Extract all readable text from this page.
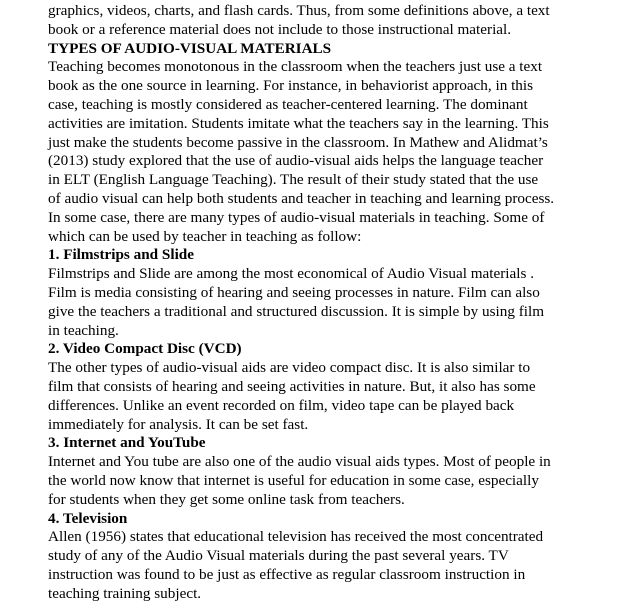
graphics, videos, charts, and flash cards. Thus, from some definitions above, a text
book or a reference material does not include to those instructional material.
TYPES OF AUDIO-VISUAL MATERIALS
Teaching becomes monotonous in the classroom when the teachers just use a text
book as the one source in learning. For instance, in behaviorist approach, in this
case, teaching is mostly considered as teacher-centered learning. The dominant
activities are imitation. Students imitate what the teachers say in the learning. This
just make the students become passive in the classroom. In Mathew and Alidmat’s
(2013) study explored that the use of audio-visual aids helps the language teacher
in ELT (English Language Teaching). The result of their study stated that the use
of audio visual can help both students and teacher in teaching and learning process.
In some case, there are many types of audio-visual materials in teaching. Some of
which can be used by teacher in teaching as follow:
1. Filmstrips and Slide
Filmstrips and Slide are among the most economical of Audio Visual materials .
Film is media consisting of hearing and seeing processes in nature. Film can also
give the teachers a traditional and structured discussion. It is simple by using film
in teaching.
2. Video Compact Disc (VCD)
The other types of audio-visual aids are video compact disc. It is also similar to
film that consists of hearing and seeing activities in nature. But, it also has some
differences. Unlike an event recorded on film, video tape can be played back
immediately for analysis. It can be set fast.
3. Internet and YouTube
Internet and You tube are also one of the audio visual aids types. Most of people in
the world now know that internet is useful for education in some case, especially
for students when they get some online task from teachers.
4. Television
Allen (1956) states that educational television has received the most concentrated
study of any of the Audio Visual materials during the past several years. TV
instruction was found to be just as effective as regular classroom instruction in
teaching training subject.
